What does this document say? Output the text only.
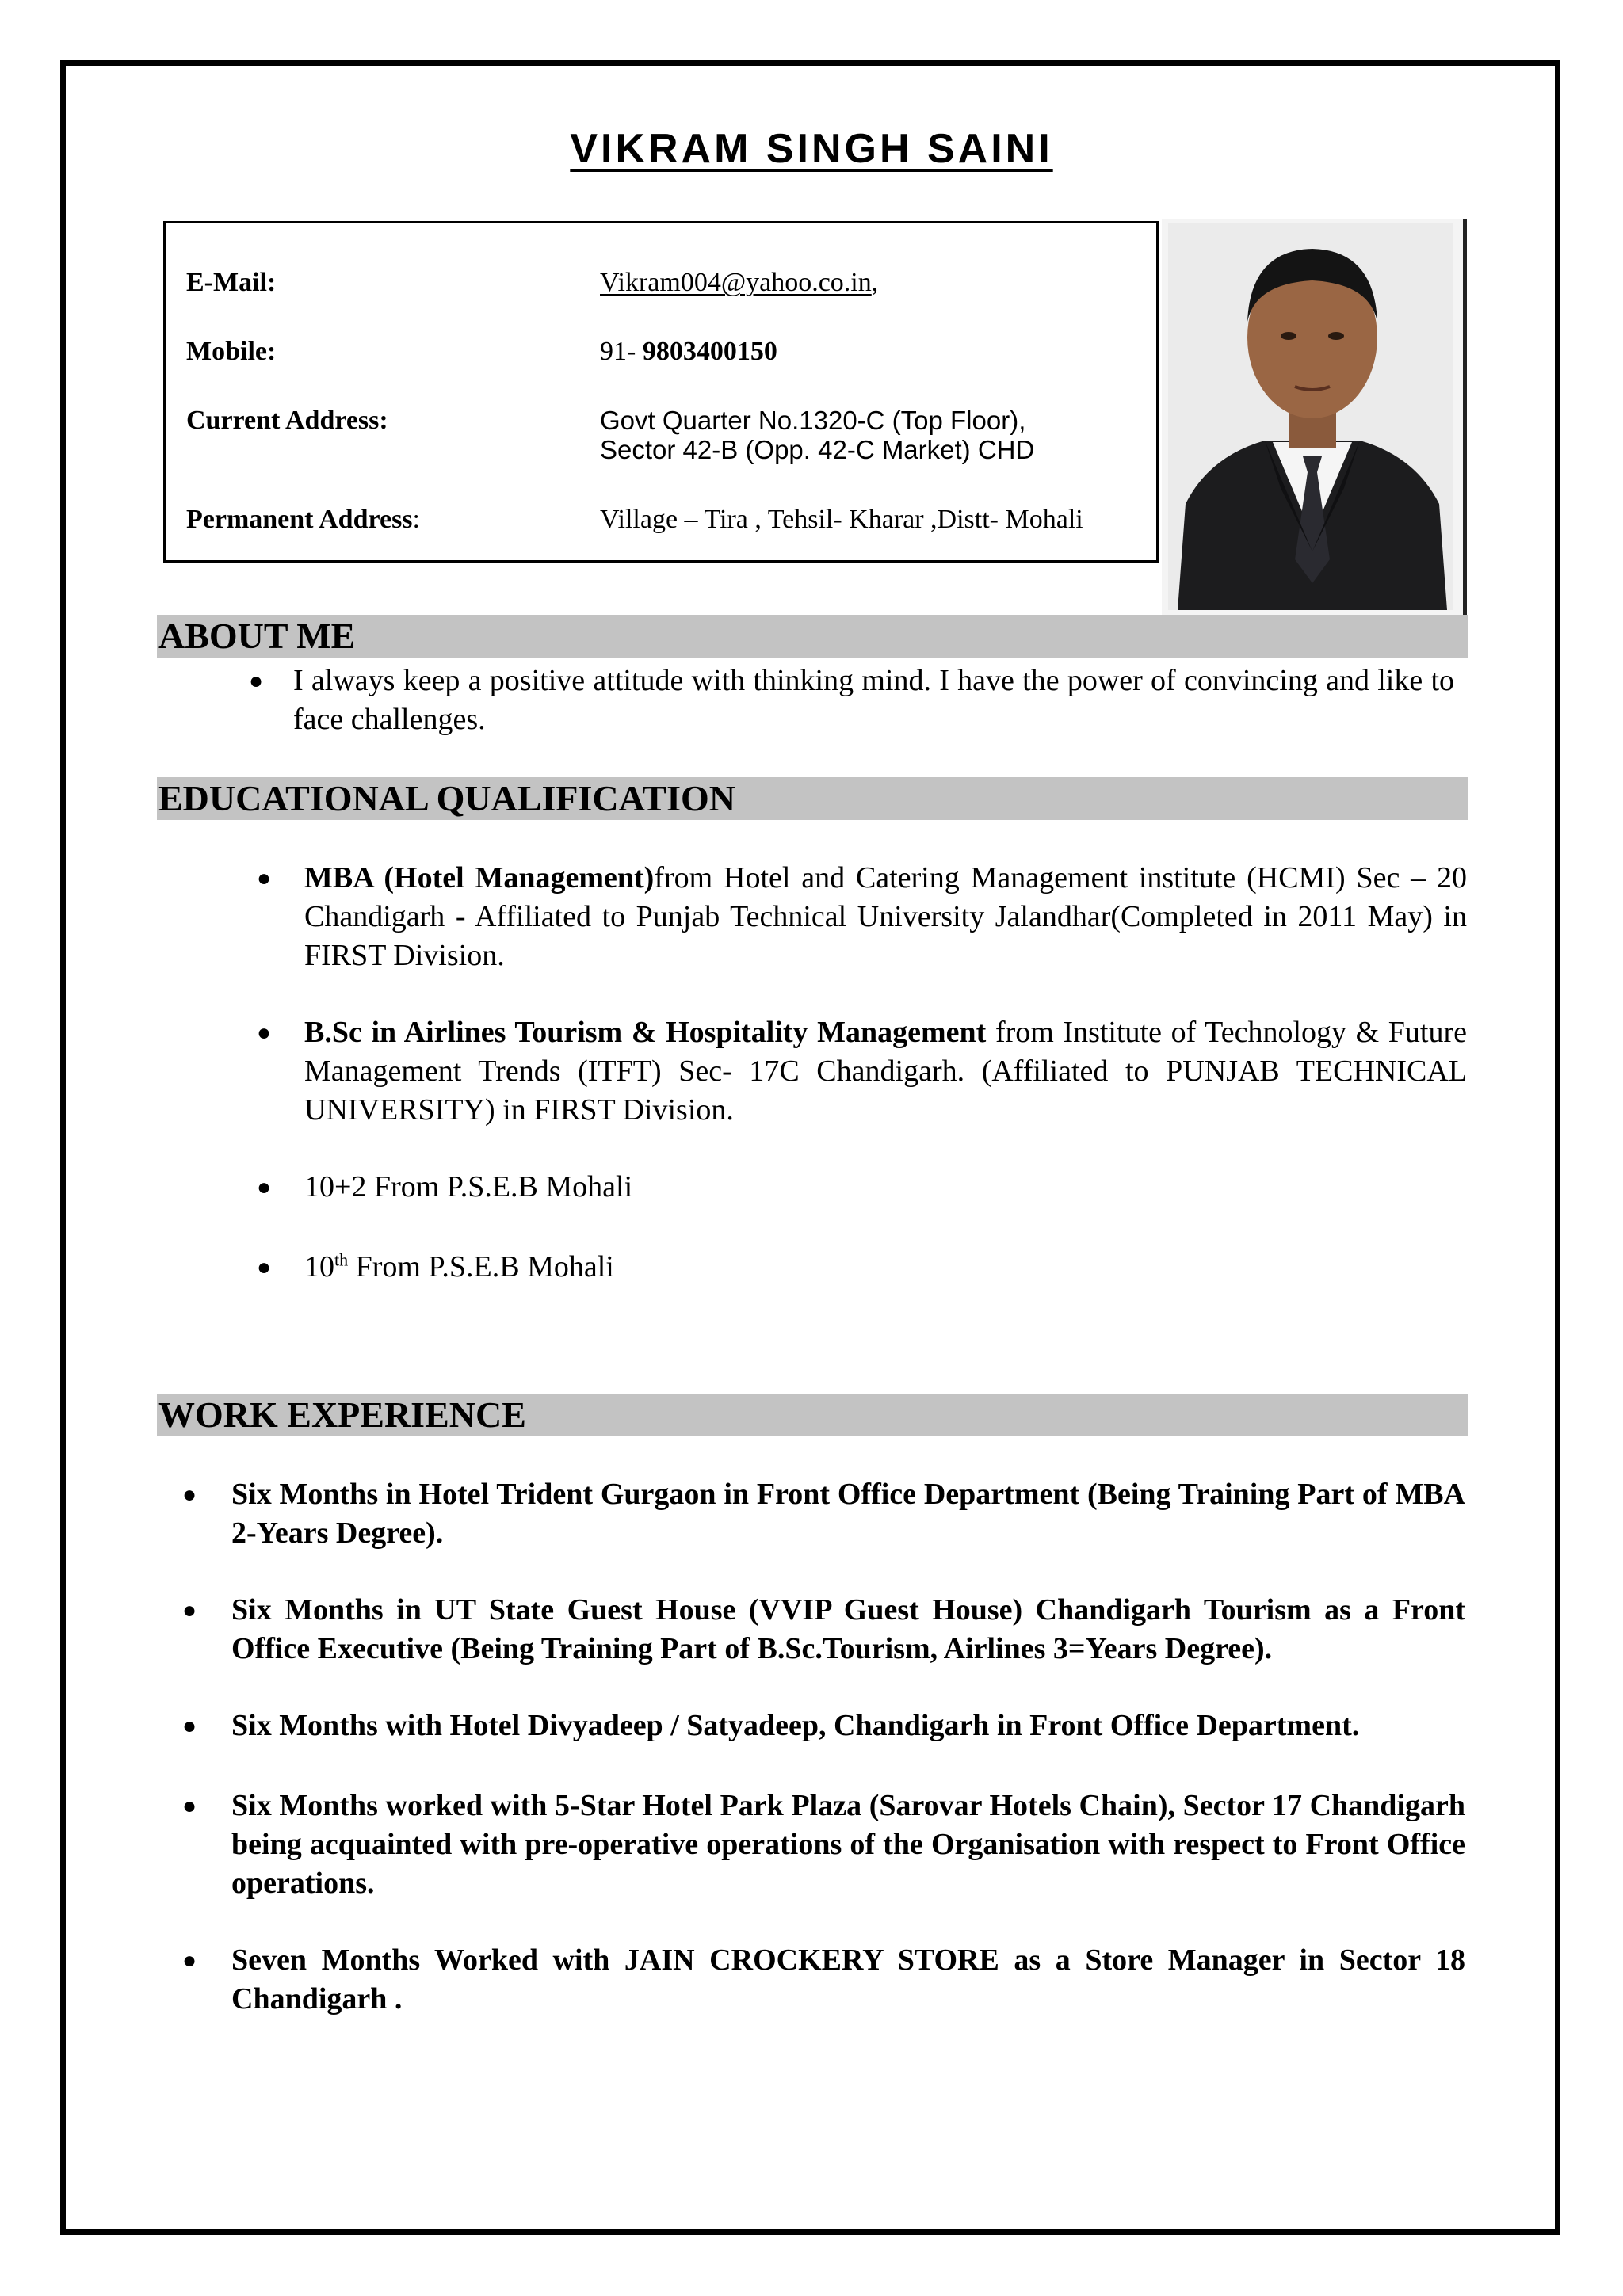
VIKRAM SINGH SAINI
E-Mail:	Vikram004@yahoo.co.in,
Mobile:	91- 9803400150
Current Address:	Govt Quarter No.1320-C (Top Floor),
Sector 42-B (Opp. 42-C Market) CHD
Permanent Address:	Village – Tira , Tehsil- Kharar ,Distt- Mohali
ABOUT ME
● I always keep a positive attitude with thinking mind. I have the power of convincing and like to face challenges.
EDUCATIONAL QUALIFICATION
● MBA (Hotel Management)from Hotel and Catering Management institute (HCMI) Sec – 20 Chandigarh - Affiliated to Punjab Technical University Jalandhar(Completed in 2011 May) in FIRST Division.
● B.Sc in Airlines Tourism & Hospitality Management from Institute of Technology & Future Management Trends (ITFT) Sec- 17C Chandigarh. (Affiliated to PUNJAB TECHNICAL UNIVERSITY) in FIRST Division.
● 10+2 From P.S.E.B Mohali
● 10th From P.S.E.B Mohali
WORK EXPERIENCE
● Six Months in Hotel Trident Gurgaon in Front Office Department (Being Training Part of MBA 2-Years Degree).
● Six Months in UT State Guest House (VVIP Guest House) Chandigarh Tourism as a Front Office Executive (Being Training Part of B.Sc.Tourism, Airlines 3=Years Degree).
● Six Months with Hotel Divyadeep / Satyadeep, Chandigarh in Front Office Department.
● Six Months worked with 5-Star Hotel Park Plaza (Sarovar Hotels Chain), Sector 17 Chandigarh being acquainted with pre-operative operations of the Organisation with respect to Front Office operations.
● Seven Months Worked with JAIN CROCKERY STORE as a Store Manager in Sector 18 Chandigarh .
